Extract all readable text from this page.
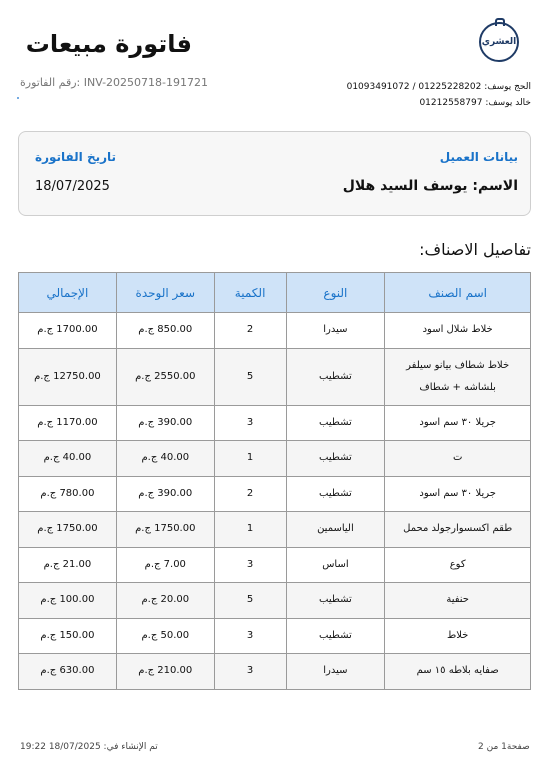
فاتورة مبيعات
رقم الفاتورة: INV-20250718-191721
العشري
الحج يوسف: 01225228202 / 01093491072
خالد يوسف: 01212558797
بيانات العميل
الاسم: يوسف السيد هلال
تاريخ الفاتورة
18/07/2025
تفاصيل الاصناف:
اسم الصنف	النوع	الكمية	سعر الوحدة	الإجمالي
خلاط شلال اسود	سيدرا	2	850.00 ج.م	1700.00 ج.م
خلاط شطاف بيانو سيلفر بلشاشه + شطاف	تشطيب	5	2550.00 ج.م	12750.00 ج.م
جريلا ٣٠ سم اسود	تشطيب	3	390.00 ج.م	1170.00 ج.م
ت	تشطيب	1	40.00 ج.م	40.00 ج.م
جريلا ٣٠ سم اسود	تشطيب	2	390.00 ج.م	780.00 ج.م
طقم اكسسوارجولد محمل	الياسمين	1	1750.00 ج.م	1750.00 ج.م
كوع	اساس	3	7.00 ج.م	21.00 ج.م
حنفية	تشطيب	5	20.00 ج.م	100.00 ج.م
خلاط	تشطيب	3	50.00 ج.م	150.00 ج.م
صفايه بلاطه ١٥ سم	سيدرا	3	210.00 ج.م	630.00 ج.م
صفحة1 من 2
تم الإنشاء في: 18/07/2025 19:22
